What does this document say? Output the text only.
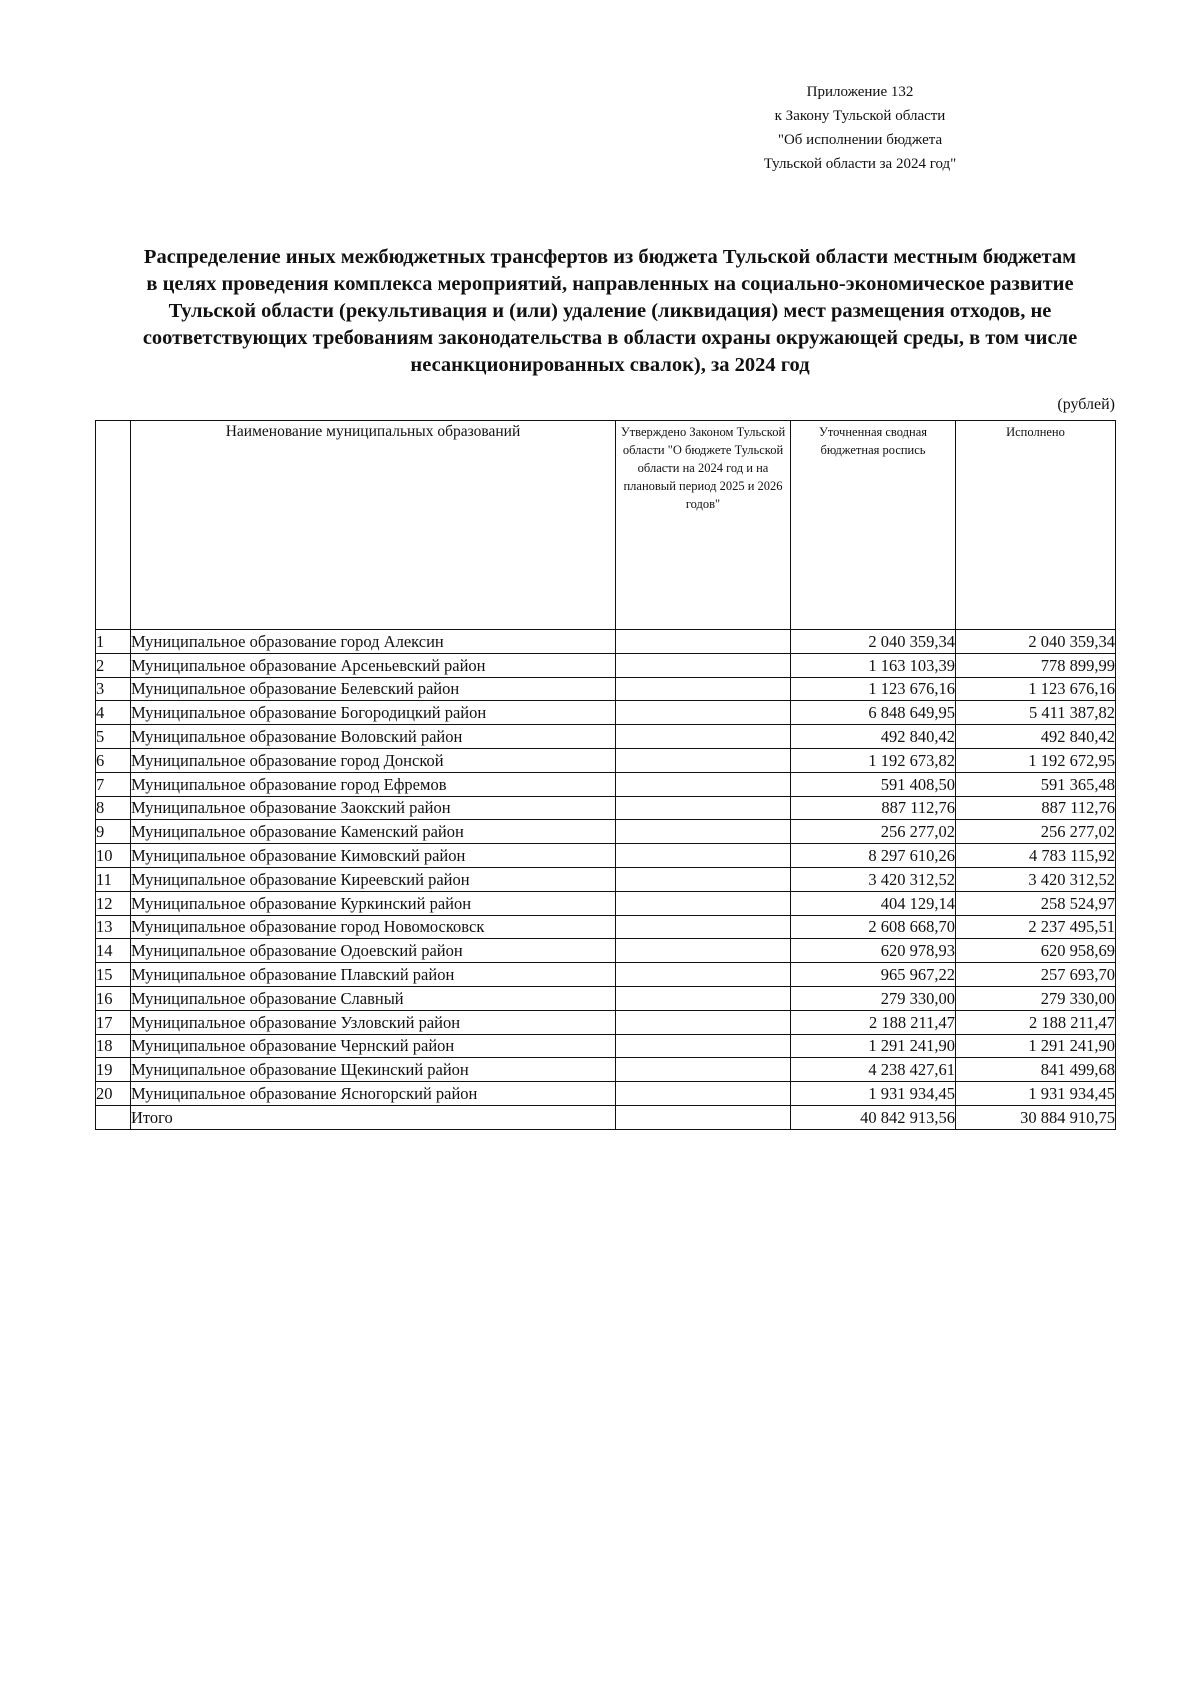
Приложение 132
к Закону Тульской области
"Об исполнении бюджета
Тульской области за 2024 год"
Распределение иных межбюджетных трансфертов из бюджета Тульской области местным бюджетам
в целях проведения комплекса мероприятий, направленных на социально-экономическое развитие
Тульской области (рекультивация и (или) удаление (ликвидация) мест размещения отходов, не
соответствующих требованиям законодательства в области охраны окружающей среды, в том числе
несанкционированных свалок), за 2024 год
(рублей)
	Наименование муниципальных образований	Утверждено Законом Тульской области "О бюджете Тульской области на 2024 год и на плановый период 2025 и 2026 годов"	Уточненная сводная бюджетная роспись	Исполнено

1	Муниципальное образование город Алексин		2 040 359,34	2 040 359,34
2	Муниципальное образование Арсеньевский район		1 163 103,39	778 899,99
3	Муниципальное образование Белевский район		1 123 676,16	1 123 676,16
4	Муниципальное образование Богородицкий район		6 848 649,95	5 411 387,82
5	Муниципальное образование Воловский район		492 840,42	492 840,42
6	Муниципальное образование город Донской		1 192 673,82	1 192 672,95
7	Муниципальное образование город Ефремов		591 408,50	591 365,48
8	Муниципальное образование Заокский район		887 112,76	887 112,76
9	Муниципальное образование Каменский район		256 277,02	256 277,02
10	Муниципальное образование Кимовский район		8 297 610,26	4 783 115,92
11	Муниципальное образование Киреевский район		3 420 312,52	3 420 312,52
12	Муниципальное образование Куркинский район		404 129,14	258 524,97
13	Муниципальное образование город Новомосковск		2 608 668,70	2 237 495,51
14	Муниципальное образование Одоевский район		620 978,93	620 958,69
15	Муниципальное образование Плавский район		965 967,22	257 693,70
16	Муниципальное образование Славный		279 330,00	279 330,00
17	Муниципальное образование Узловский район		2 188 211,47	2 188 211,47
18	Муниципальное образование Чернский район		1 291 241,90	1 291 241,90
19	Муниципальное образование Щекинский район		4 238 427,61	841 499,68
20	Муниципальное образование Ясногорский район		1 931 934,45	1 931 934,45
	Итого		40 842 913,56	30 884 910,75
